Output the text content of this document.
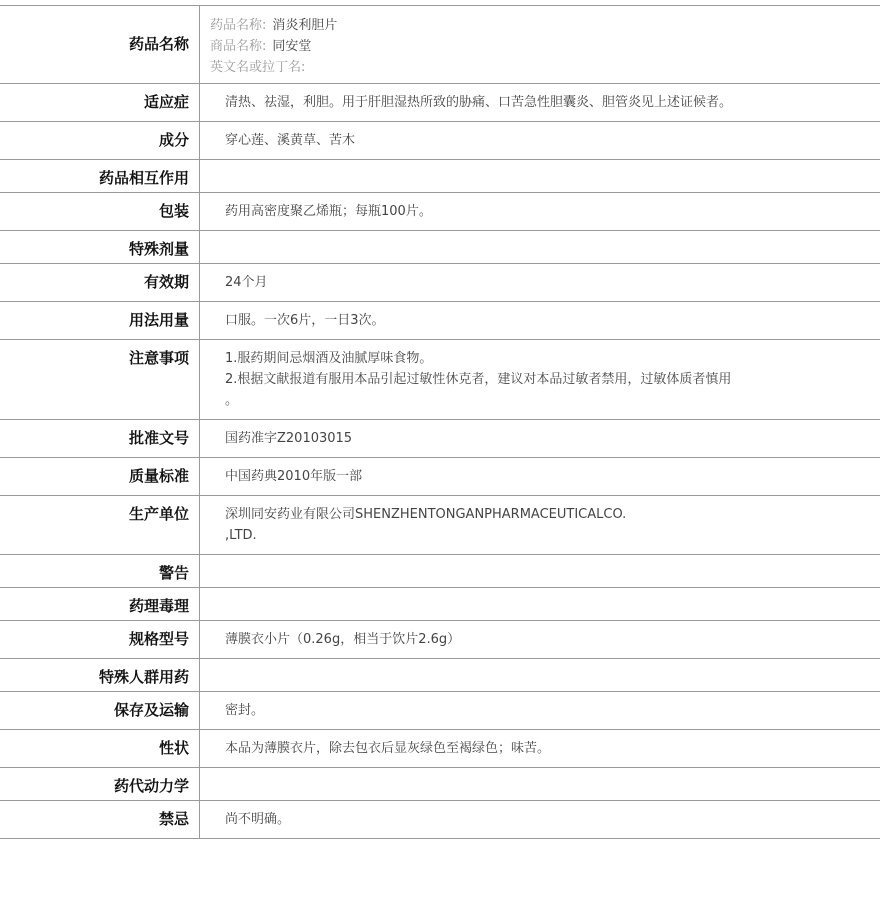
药品名称
药品名称: 消炎利胆片
商品名称: 同安堂
英文名或拉丁名:
适应症	清热、祛湿，利胆。用于肝胆湿热所致的胁痛、口苦急性胆囊炎、胆管炎见上述证候者。
成分	穿心莲、溪黄草、苦木
药品相互作用
包装	药用高密度聚乙烯瓶；每瓶100片。
特殊剂量
有效期	24个月
用法用量	口服。一次6片，一日3次。
注意事项	1.服药期间忌烟酒及油腻厚味食物。
2.根据文献报道有服用本品引起过敏性休克者，建议对本品过敏者禁用，过敏体质者慎用
。
批准文号	国药准字Z20103015
质量标准	中国药典2010年版一部
生产单位	深圳同安药业有限公司SHENZHENTONGANPHARMACEUTICALCO.
,LTD.
警告
药理毒理
规格型号	薄膜衣小片（0.26g，相当于饮片2.6g）
特殊人群用药
保存及运输	密封。
性状	本品为薄膜衣片，除去包衣后显灰绿色至褐绿色；味苦。
药代动力学
禁忌	尚不明确。
